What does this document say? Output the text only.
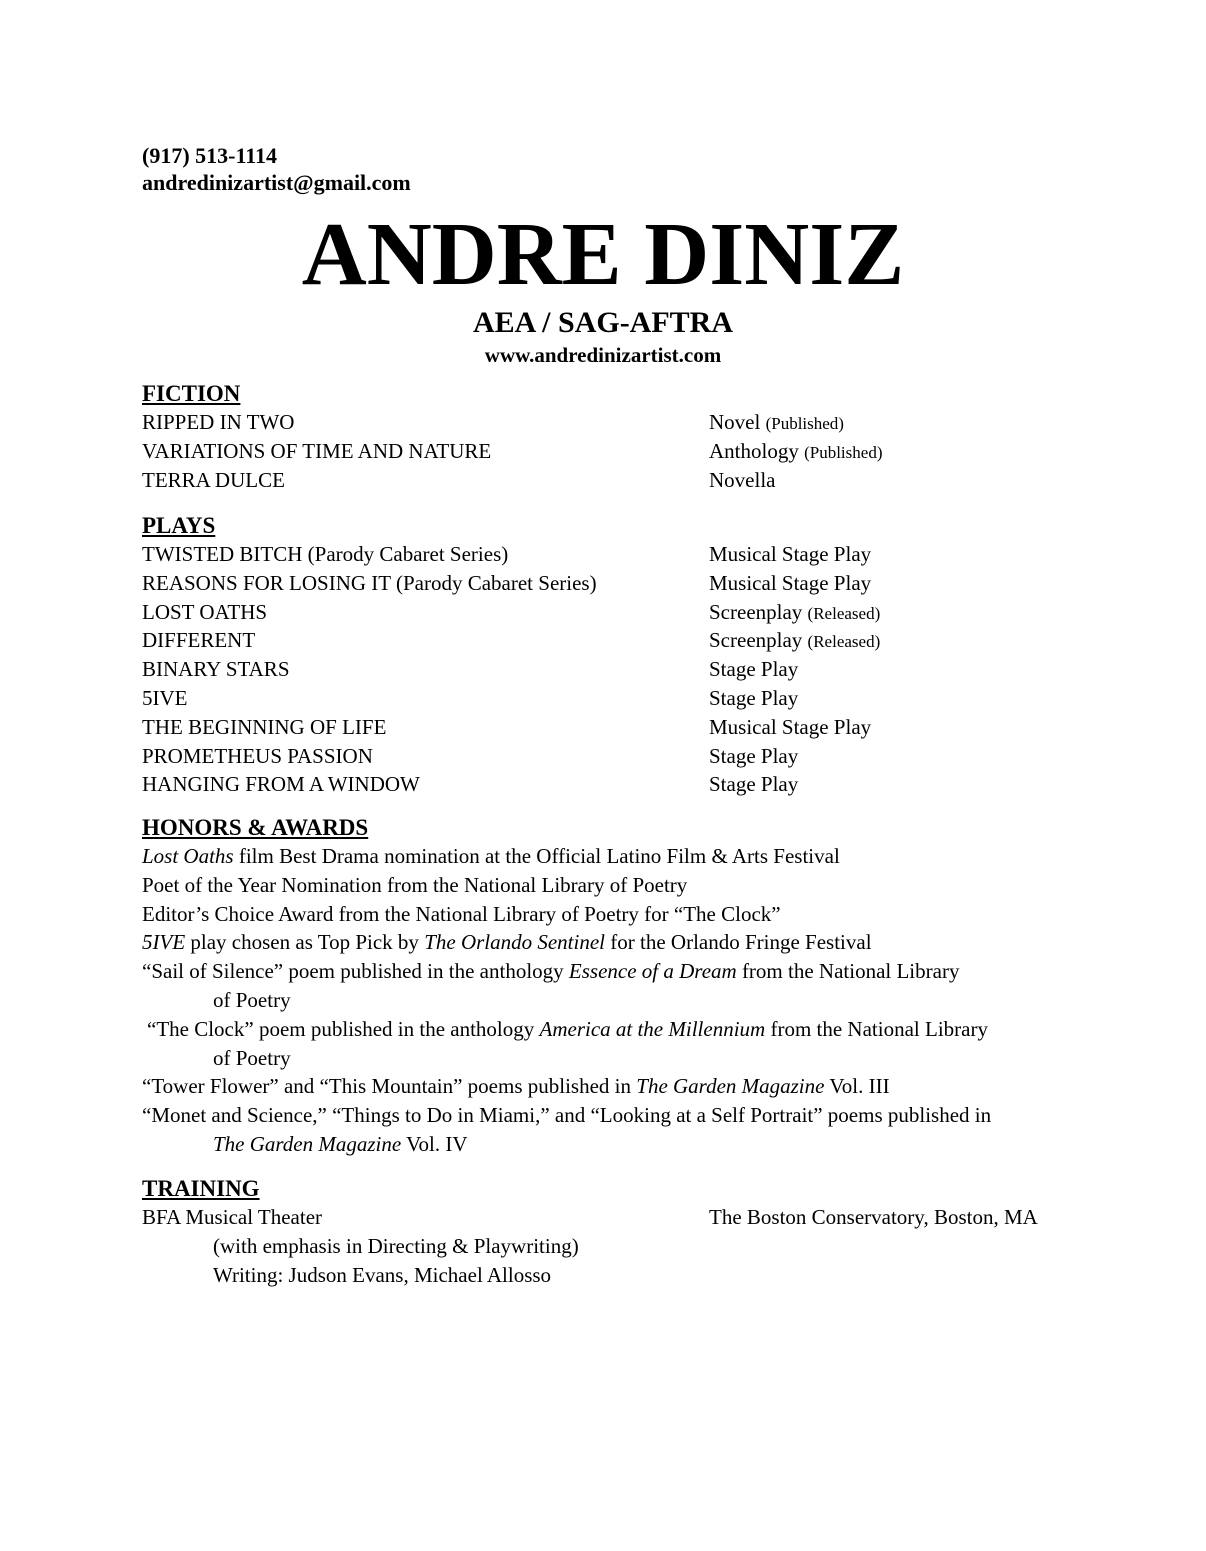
(917) 513-1114
andredinizartist@gmail.com
ANDRE DINIZ
AEA / SAG-AFTRA
www.andredinizartist.com
FICTION
RIPPED IN TWO	Novel (Published)
VARIATIONS OF TIME AND NATURE	Anthology (Published)
TERRA DULCE	Novella
PLAYS
TWISTED BITCH (Parody Cabaret Series)	Musical Stage Play
REASONS FOR LOSING IT (Parody Cabaret Series)	Musical Stage Play
LOST OATHS	Screenplay (Released)
DIFFERENT	Screenplay (Released)
BINARY STARS	Stage Play
5IVE	Stage Play
THE BEGINNING OF LIFE	Musical Stage Play
PROMETHEUS PASSION	Stage Play
HANGING FROM A WINDOW	Stage Play
HONORS & AWARDS
Lost Oaths film Best Drama nomination at the Official Latino Film & Arts Festival
Poet of the Year Nomination from the National Library of Poetry
Editor’s Choice Award from the National Library of Poetry for “The Clock”
5IVE play chosen as Top Pick by The Orlando Sentinel for the Orlando Fringe Festival
“Sail of Silence” poem published in the anthology Essence of a Dream from the National Library
of Poetry
“The Clock” poem published in the anthology America at the Millennium from the National Library
of Poetry
“Tower Flower” and “This Mountain” poems published in The Garden Magazine Vol. III
“Monet and Science,” “Things to Do in Miami,” and “Looking at a Self Portrait” poems published in
The Garden Magazine Vol. IV
TRAINING
BFA Musical Theater	The Boston Conservatory, Boston, MA
(with emphasis in Directing & Playwriting)
Writing: Judson Evans, Michael Allosso
